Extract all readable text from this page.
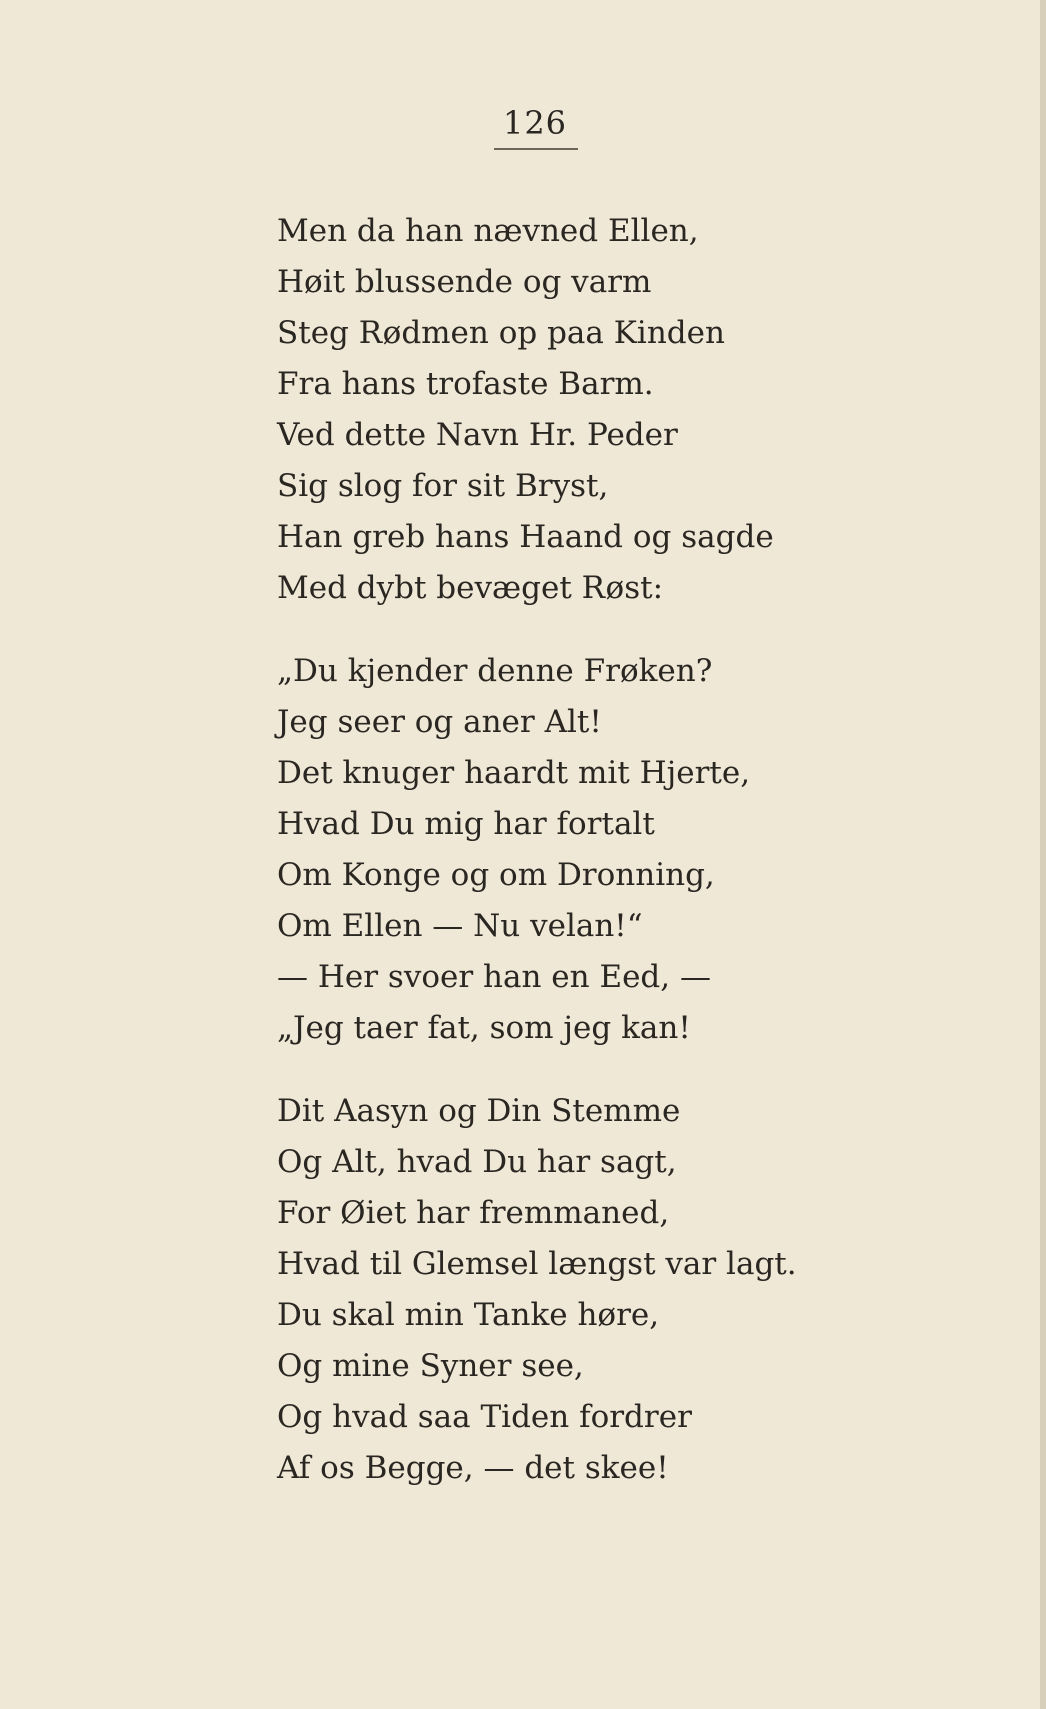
126
Men da han nævned Ellen,
Høit blussende og varm
Steg Rødmen op paa Kinden
Fra hans trofaste Barm.
Ved dette Navn Hr. Peder
Sig slog for sit Bryst,
Han greb hans Haand og sagde
Med dybt bevæget Røst:
„Du kjender denne Frøken?
Jeg seer og aner Alt!
Det knuger haardt mit Hjerte,
Hvad Du mig har fortalt
Om Konge og om Dronning,
Om Ellen — Nu velan!“
— Her svoer han en Eed, —
„Jeg taer fat, som jeg kan!
Dit Aasyn og Din Stemme
Og Alt, hvad Du har sagt,
For Øiet har fremmaned,
Hvad til Glemsel længst var lagt.
Du skal min Tanke høre,
Og mine Syner see,
Og hvad saa Tiden fordrer
Af os Begge, — det skee!
